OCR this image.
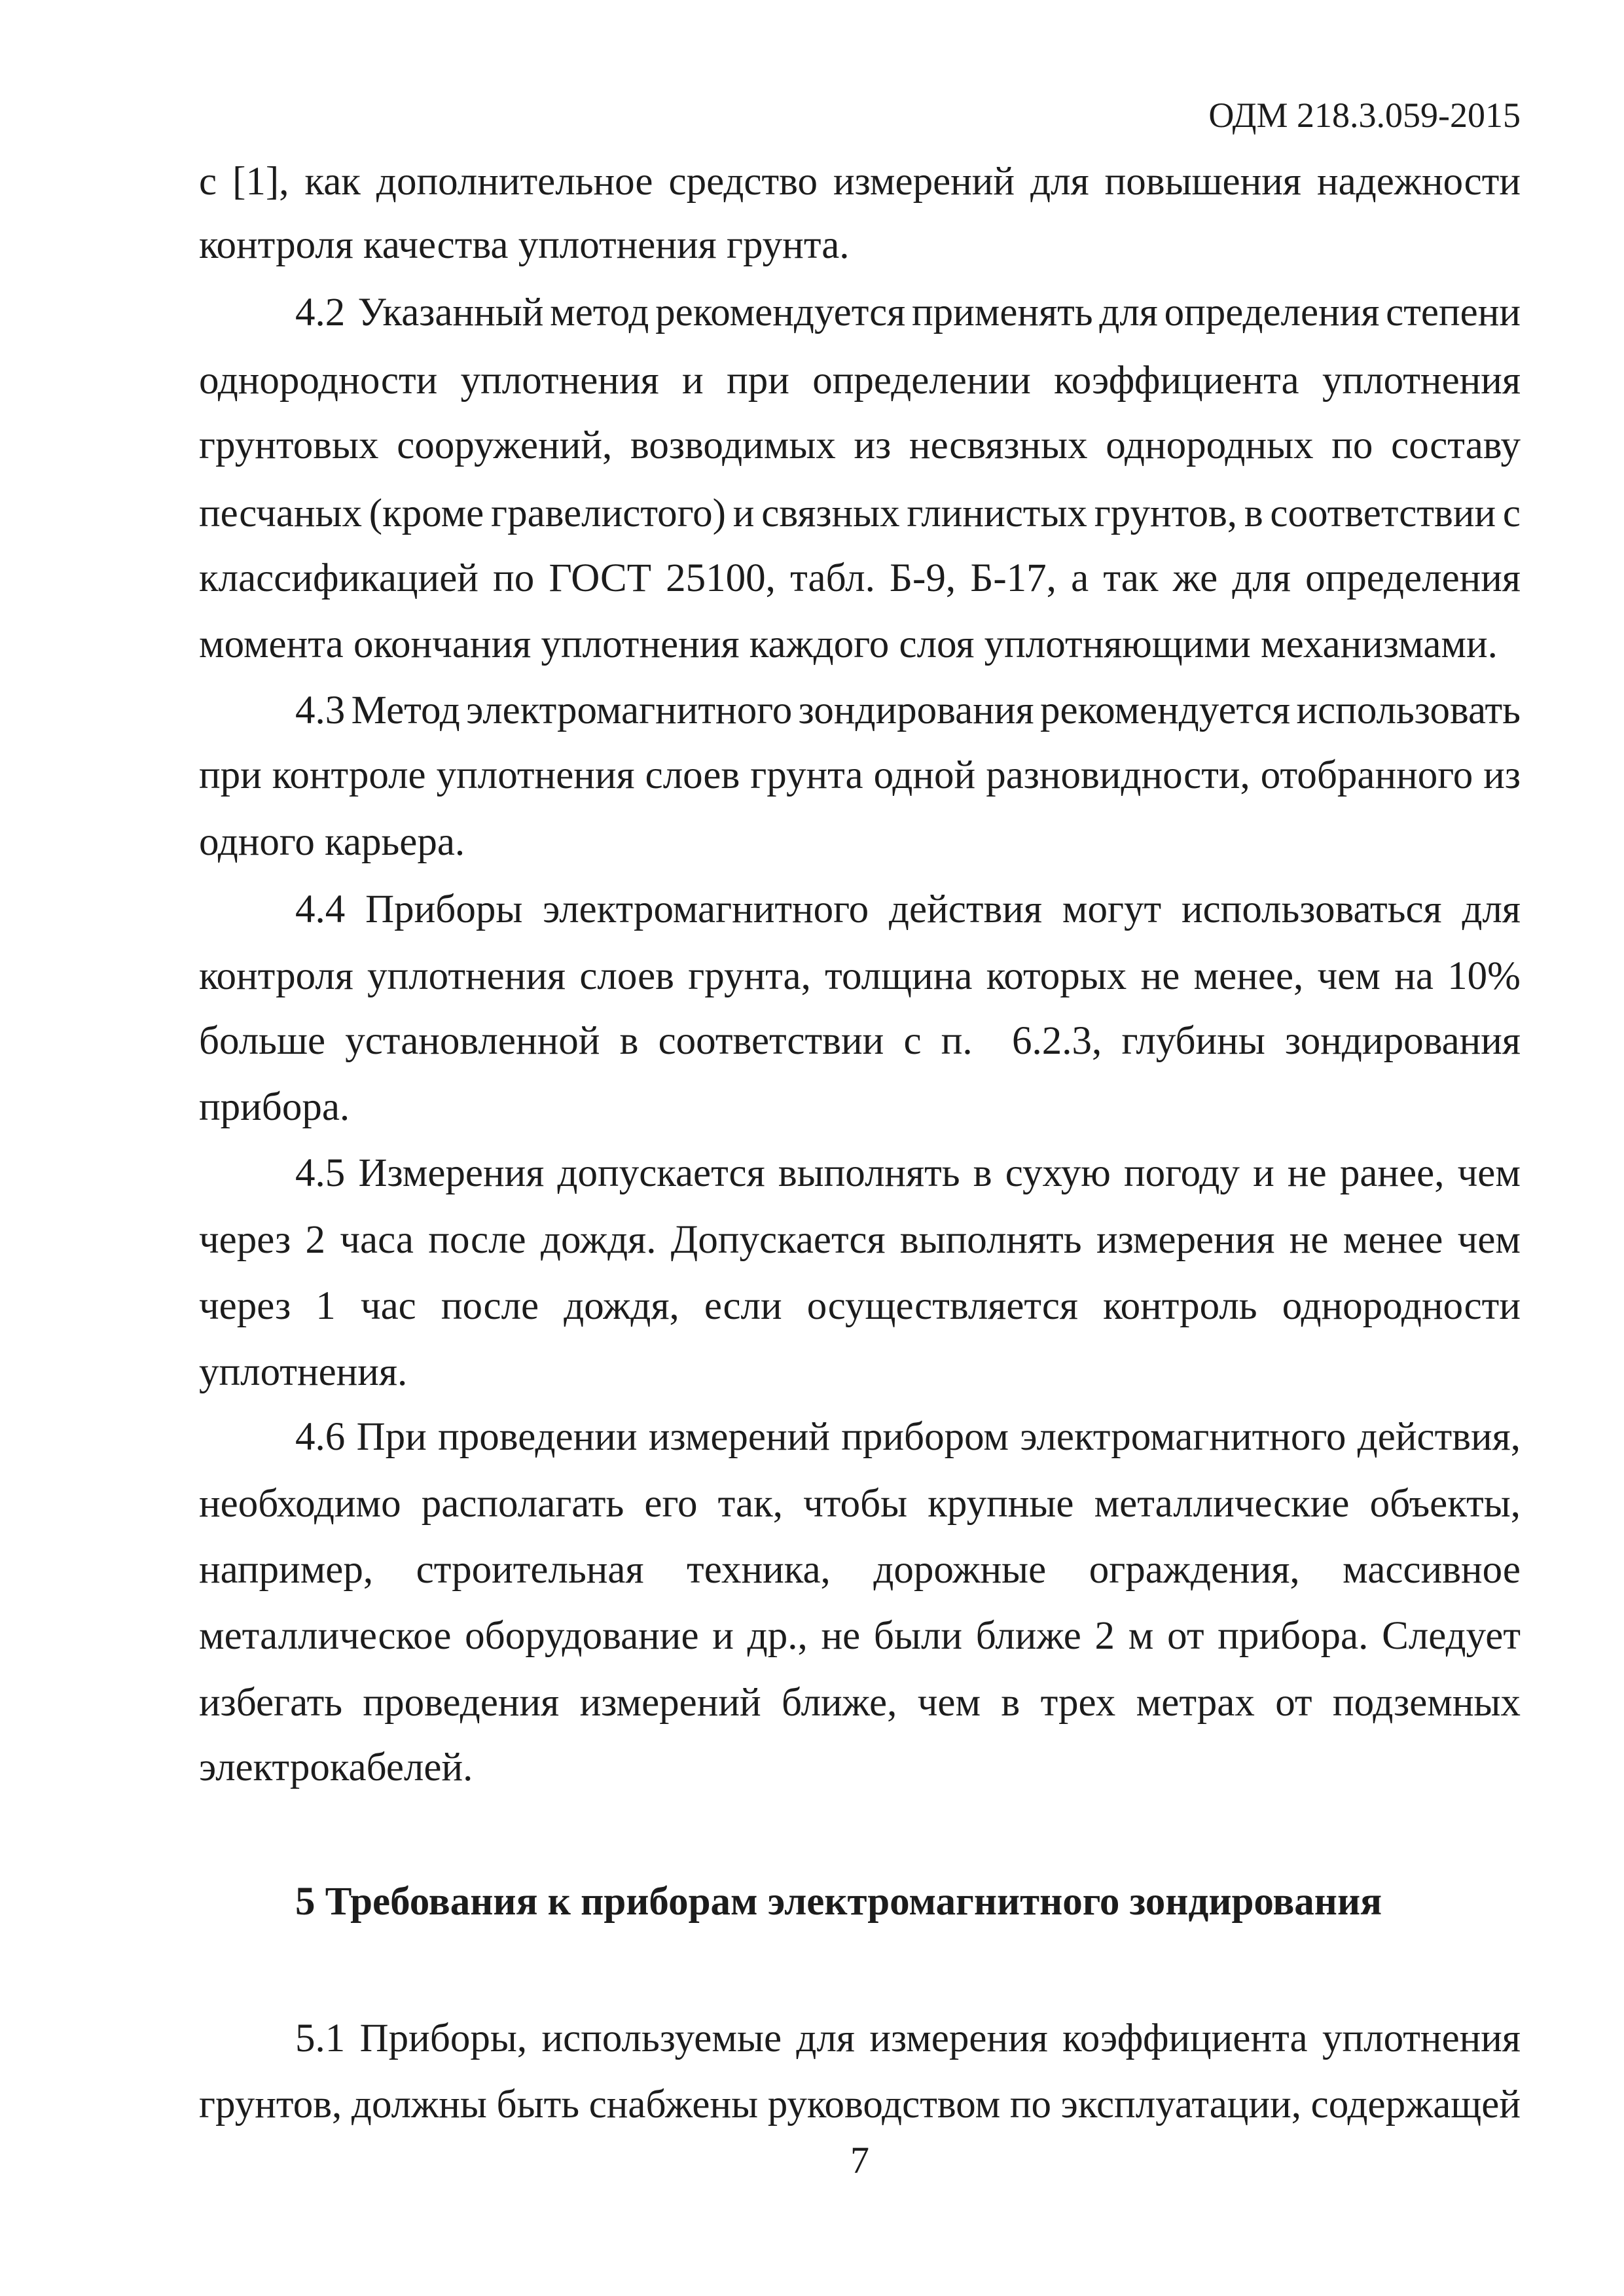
ОДМ 218.3.059-2015
с [1], как дополнительное средство измерений для повышения надежности
контроля качества уплотнения грунта.
4.2  Указанный метод рекомендуется применять для определения степени
однородности уплотнения и при определении коэффициента уплотнения
грунтовых сооружений, возводимых из несвязных однородных по составу
песчаных (кроме гравелистого) и связных глинистых грунтов, в соответствии с
классификацией по ГОСТ 25100, табл. Б-9, Б-17, а так же для определения
момента окончания уплотнения каждого слоя уплотняющими механизмами.
4.3 Метод электромагнитного зондирования рекомендуется использовать
при контроле уплотнения слоев грунта одной разновидности, отобранного из
одного карьера.
4.4 Приборы электромагнитного действия могут использоваться для
контроля уплотнения слоев грунта, толщина которых не менее, чем на 10%
больше установленной в соответствии с п.  6.2.3, глубины зондирования
прибора.
4.5 Измерения допускается выполнять в сухую погоду и не ранее, чем
через 2 часа после дождя. Допускается выполнять измерения не менее чем
через 1 час после дождя, если осуществляется контроль однородности
уплотнения.
4.6 При проведении измерений прибором электромагнитного действия,
необходимо располагать его так, чтобы крупные металлические объекты,
например, строительная техника, дорожные ограждения, массивное
металлическое оборудование и др., не были ближе 2 м от прибора. Следует
избегать проведения измерений ближе, чем в трех метрах от подземных
электрокабелей.
5 Требования к приборам электромагнитного зондирования
5.1 Приборы, используемые для измерения коэффициента уплотнения
грунтов, должны быть снабжены руководством по эксплуатации, содержащей
7
